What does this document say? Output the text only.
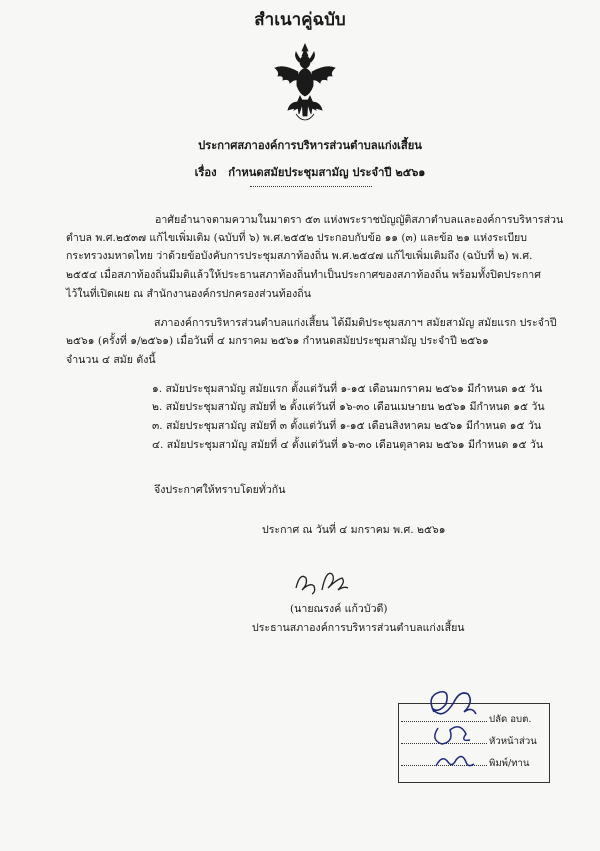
สำเนาคู่ฉบับ
ประกาศสภาองค์การบริหารส่วนตำบลแก่งเสี้ยน
เรื่อง กำหนดสมัยประชุมสามัญ ประจำปี ๒๕๖๑
อาศัยอำนาจตามความในมาตรา ๕๓ แห่งพระราชบัญญัติสภาตำบลและองค์การบริหารส่วน
ตำบล พ.ศ.๒๕๓๗ แก้ไขเพิ่มเติม (ฉบับที่ ๖) พ.ศ.๒๕๕๒ ประกอบกับข้อ ๑๑ (๓) และข้อ ๒๑ แห่งระเบียบ
กระทรวงมหาดไทย ว่าด้วยข้อบังคับการประชุมสภาท้องถิ่น พ.ศ.๒๕๔๗ แก้ไขเพิ่มเติมถึง (ฉบับที่ ๒) พ.ศ.
๒๕๕๔ เมื่อสภาท้องถิ่นมีมติแล้วให้ประธานสภาท้องถิ่นทำเป็นประกาศของสภาท้องถิ่น พร้อมทั้งปิดประกาศ
ไว้ในที่เปิดเผย ณ สำนักงานองค์กรปกครองส่วนท้องถิ่น
สภาองค์การบริหารส่วนตำบลแก่งเสี้ยน ได้มีมติประชุมสภาฯ สมัยสามัญ สมัยแรก ประจำปี
๒๕๖๑ (ครั้งที่ ๑/๒๕๖๑) เมื่อวันที่ ๔ มกราคม ๒๕๖๑ กำหนดสมัยประชุมสามัญ ประจำปี ๒๕๖๑
จำนวน ๔ สมัย ดังนี้
๑. สมัยประชุมสามัญ สมัยแรก ตั้งแต่วันที่ ๑-๑๕ เดือนมกราคม ๒๕๖๑ มีกำหนด ๑๕ วัน
๒. สมัยประชุมสามัญ สมัยที่ ๒ ตั้งแต่วันที่ ๑๖-๓๐ เดือนเมษายน ๒๕๖๑ มีกำหนด ๑๕ วัน
๓. สมัยประชุมสามัญ สมัยที่ ๓ ตั้งแต่วันที่ ๑-๑๕ เดือนสิงหาคม ๒๕๖๑ มีกำหนด ๑๕ วัน
๔. สมัยประชุมสามัญ สมัยที่ ๔ ตั้งแต่วันที่ ๑๖-๓๐ เดือนตุลาคม ๒๕๖๑ มีกำหนด ๑๕ วัน
จึงประกาศให้ทราบโดยทั่วกัน
ประกาศ ณ วันที่ ๔ มกราคม พ.ศ. ๒๕๖๑
(นายณรงค์ แก้วบัวดี)
ประธานสภาองค์การบริหารส่วนตำบลแก่งเสี้ยน
ปลัด อบต.
หัวหน้าส่วน
พิมพ์/ทาน
